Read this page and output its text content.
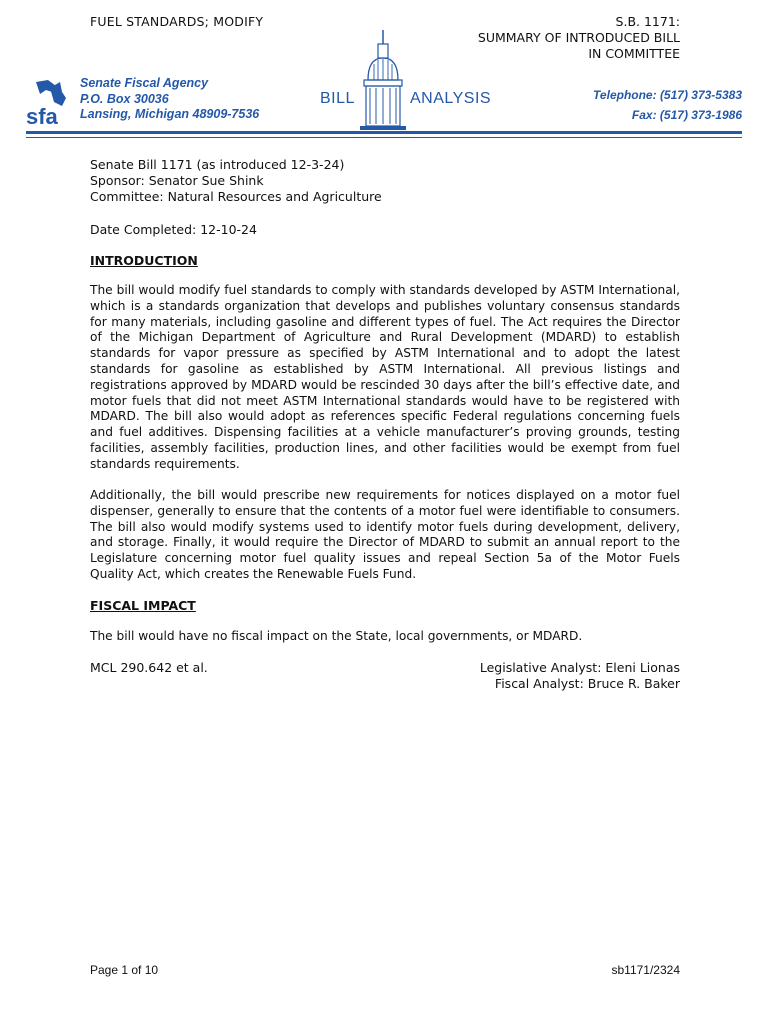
FUEL STANDARDS; MODIFY	S.B. 1171:
SUMMARY OF INTRODUCED BILL
IN COMMITTEE
sfa
Senate Fiscal Agency
P.O. Box 30036
Lansing, Michigan 48909-7536
BILL	ANALYSIS	Telephone: (517) 373-5383
Fax: (517) 373-1986
Senate Bill 1171 (as introduced 12-3-24)
Sponsor: Senator Sue Shink
Committee: Natural Resources and Agriculture
Date Completed: 12-10-24
INTRODUCTION
The bill would modify fuel standards to comply with standards developed by ASTM International, which is a standards organization that develops and publishes voluntary consensus standards for many materials, including gasoline and different types of fuel. The Act requires the Director of the Michigan Department of Agriculture and Rural Development (MDARD) to establish standards for vapor pressure as specified by ASTM International and to adopt the latest standards for gasoline as established by ASTM International. All previous listings and registrations approved by MDARD would be rescinded 30 days after the bill’s effective date, and motor fuels that did not meet ASTM International standards would have to be registered with MDARD. The bill also would adopt as references specific Federal regulations concerning fuels and fuel additives. Dispensing facilities at a vehicle manufacturer’s proving grounds, testing facilities, assembly facilities, production lines, and other facilities would be exempt from fuel standards requirements.
Additionally, the bill would prescribe new requirements for notices displayed on a motor fuel dispenser, generally to ensure that the contents of a motor fuel were identifiable to consumers. The bill also would modify systems used to identify motor fuels during development, delivery, and storage. Finally, it would require the Director of MDARD to submit an annual report to the Legislature concerning motor fuel quality issues and repeal Section 5a of the Motor Fuels Quality Act, which creates the Renewable Fuels Fund.
FISCAL IMPACT
The bill would have no fiscal impact on the State, local governments, or MDARD.
MCL 290.642 et al.	Legislative Analyst: Eleni Lionas
Fiscal Analyst: Bruce R. Baker
Page 1 of 10	sb1171/2324
